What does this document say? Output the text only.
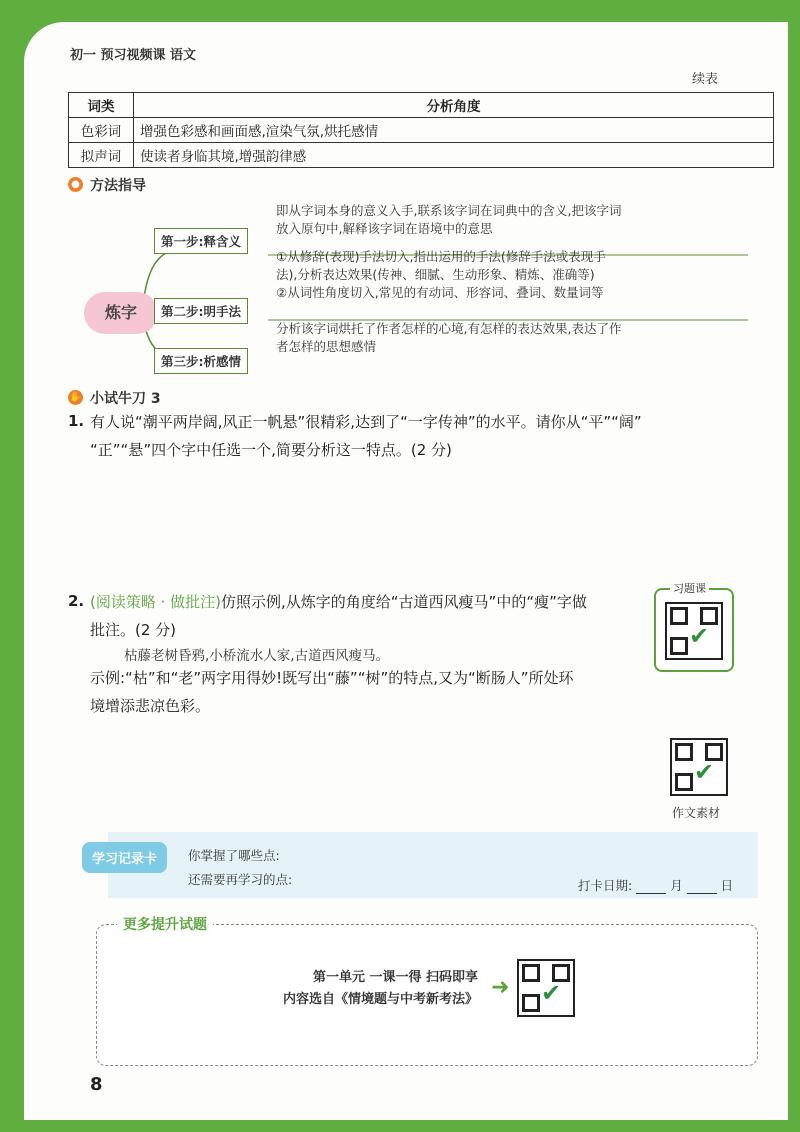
初一 预习视频课 语文
续表
词类	分析角度
色彩词	增强色彩感和画面感,渲染气氛,烘托感情
拟声词	使读者身临其境,增强韵律感
● 方法指导
炼字
第一步:释含义
即从字词本身的意义入手,联系该字词在词典中的含义,把该字词
放入原句中,解释该字词在语境中的意思
第二步:明手法
①从修辞(表现)手法切入,指出运用的手法(修辞手法或表现手
法),分析表达效果(传神、细腻、生动形象、精炼、准确等)
②从词性角度切入,常见的有动词、形容词、叠词、数量词等
第三步:析感情
分析该字词烘托了作者怎样的心境,有怎样的表达效果,表达了作
者怎样的思想感情
✋ 小试牛刀 3
1. 有人说“潮平两岸阔,风正一帆悬”很精彩,达到了“一字传神”的水平。请你从“平”“阔”
“正”“悬”四个字中任选一个,简要分析这一特点。(2 分)
2. (阅读策略 · 做批注)仿照示例,从炼字的角度给“古道西风瘦马”中的“瘦”字做
批注。(2 分)
枯藤老树昏鸦,小桥流水人家,古道西风瘦马。
示例:“枯”和“老”两字用得妙!既写出“藤”“树”的特点,又为“断肠人”所处环
境增添悲凉色彩。
习题课
✔
✔
作文素材
学习记录卡	你掌握了哪些点:
还需要再学习的点:	打卡日期:	月	日
更多提升试题
第一单元 一课一得 扫码即享
内容选自《情境题与中考新考法》 ➜ ✔
8
